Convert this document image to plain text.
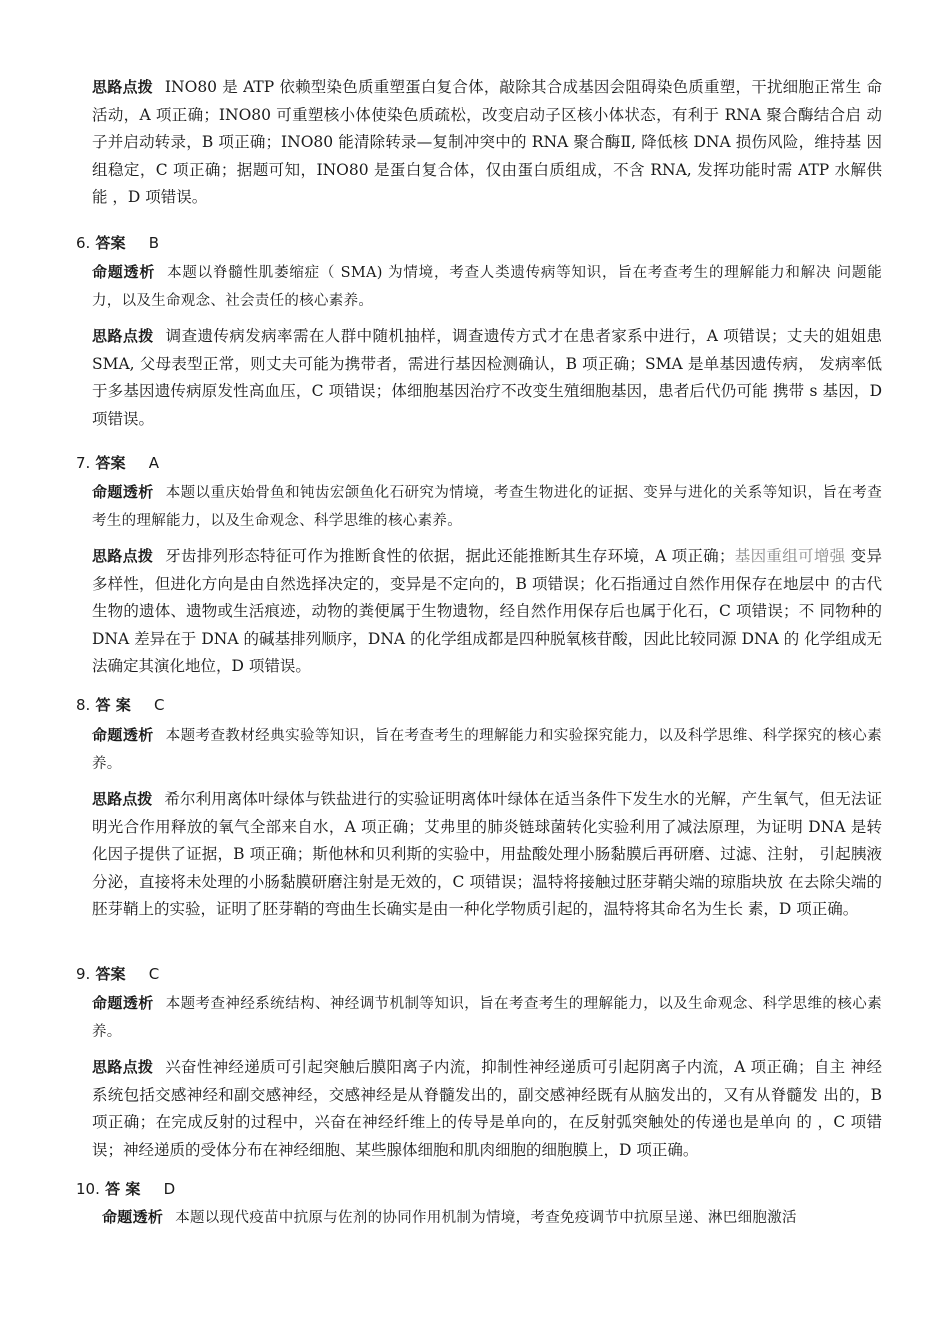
思路点拨 INO80 是 ATP 依赖型染色质重塑蛋白复合体，敲除其合成基因会阻碍染色质重塑，干扰细胞正常生 命活动，A 项正确；INO80 可重塑核小体使染色质疏松，改变启动子区核小体状态，有利于 RNA 聚合酶结合启 动子并启动转录，B 项正确；INO80 能清除转录—复制冲突中的 RNA 聚合酶Ⅱ, 降低核 DNA 损伤风险，维持基 因组稳定，C 项正确；据题可知，INO80 是蛋白复合体，仅由蛋白质组成，不含 RNA, 发挥功能时需 ATP 水解供 能 ，D 项错误。
6. 答案 B
命题透析 本题以脊髓性肌萎缩症（ SMA) 为情境，考查人类遗传病等知识，旨在考查考生的理解能力和解决 问题能力，以及生命观念、社会责任的核心素养。
思路点拨 调查遗传病发病率需在人群中随机抽样，调查遗传方式才在患者家系中进行，A 项错误；丈夫的姐姐患 SMA, 父母表型正常，则丈夫可能为携带者，需进行基因检测确认，B 项正确；SMA 是单基因遗传病， 发病率低于多基因遗传病原发性高血压，C 项错误；体细胞基因治疗不改变生殖细胞基因，患者后代仍可能 携带 s 基因，D 项错误。
7. 答案 A
命题透析 本题以重庆始骨鱼和钝齿宏颌鱼化石研究为情境，考查生物进化的证据、变异与进化的关系等知识，旨在考查考生的理解能力，以及生命观念、科学思维的核心素养。
思路点拨 牙齿排列形态特征可作为推断食性的依据，据此还能推断其生存环境，A 项正确；基因重组可增强 变异多样性，但进化方向是由自然选择决定的，变异是不定向的，B 项错误；化石指通过自然作用保存在地层中 的古代生物的遗体、遗物或生活痕迹，动物的粪便属于生物遗物，经自然作用保存后也属于化石，C 项错误；不 同物种的 DNA 差异在于 DNA 的碱基排列顺序，DNA 的化学组成都是四种脱氧核苷酸，因此比较同源 DNA 的 化学组成无法确定其演化地位，D 项错误。
8. 答 案 C
命题透析 本题考查教材经典实验等知识，旨在考查考生的理解能力和实验探究能力，以及科学思维、科学探究的核心素养。
思路点拨 希尔利用离体叶绿体与铁盐进行的实验证明离体叶绿体在适当条件下发生水的光解，产生氧气，但无法证明光合作用释放的氧气全部来自水，A 项正确；艾弗里的肺炎链球菌转化实验利用了减法原理，为证明 DNA 是转化因子提供了证据，B 项正确；斯他林和贝利斯的实验中，用盐酸处理小肠黏膜后再研磨、过滤、注射， 引起胰液分泌，直接将未处理的小肠黏膜研磨注射是无效的，C 项错误；温特将接触过胚芽鞘尖端的琼脂块放 在去除尖端的胚芽鞘上的实验，证明了胚芽鞘的弯曲生长确实是由一种化学物质引起的，温特将其命名为生长 素，D 项正确。
9. 答案 C
命题透析 本题考查神经系统结构、神经调节机制等知识，旨在考查考生的理解能力，以及生命观念、科学思维的核心素养。
思路点拨 兴奋性神经递质可引起突触后膜阳离子内流，抑制性神经递质可引起阴离子内流，A 项正确；自主 神经系统包括交感神经和副交感神经，交感神经是从脊髓发出的，副交感神经既有从脑发出的，又有从脊髓发 出的，B 项正确；在完成反射的过程中，兴奋在神经纤维上的传导是单向的，在反射弧突触处的传递也是单向 的 ，C 项错误；神经递质的受体分布在神经细胞、某些腺体细胞和肌肉细胞的细胞膜上，D 项正确。
10. 答 案 D
命题透析 本题以现代疫苗中抗原与佐剂的协同作用机制为情境，考查免疫调节中抗原呈递、淋巴细胞激活
